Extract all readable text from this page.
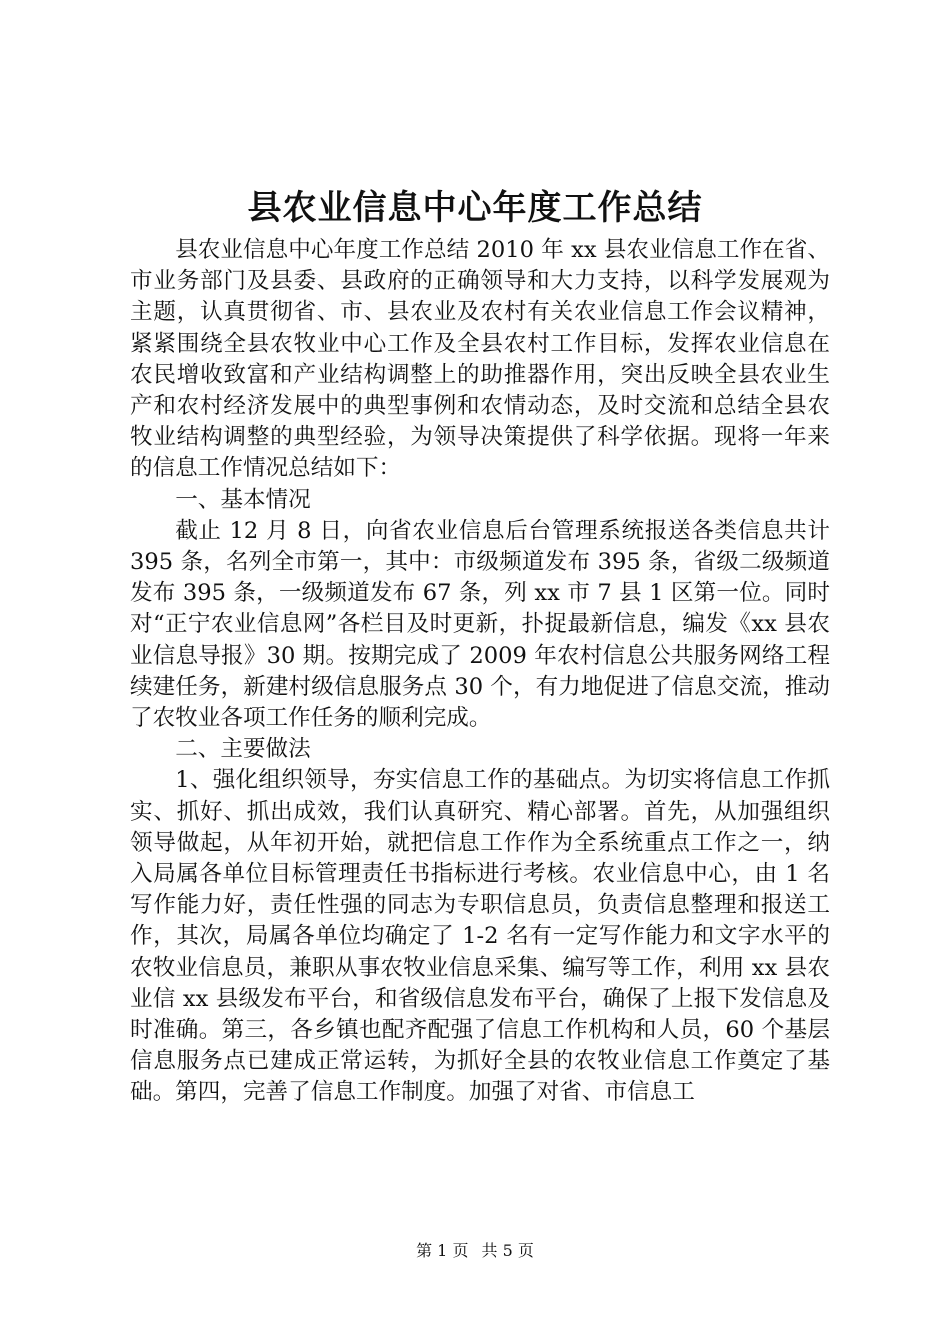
县农业信息中心年度工作总结

县农业信息中心年度工作总结 2010 年 xx 县农业信息工作在省、市业务部门及县委、县政府的正确领导和大力支持，以科学发展观为主题，认真贯彻省、市、县农业及农村有关农业信息工作会议精神，紧紧围绕全县农牧业中心工作及全县农村工作目标，发挥农业信息在农民增收致富和产业结构调整上的助推器作用，突出反映全县农业生产和农村经济发展中的典型事例和农情动态，及时交流和总结全县农牧业结构调整的典型经验，为领导决策提供了科学依据。现将一年来的信息工作情况总结如下：

一、基本情况

截止 12 月 8 日，向省农业信息后台管理系统报送各类信息共计 395 条，名列全市第一，其中：市级频道发布 395 条，省级二级频道发布 395 条，一级频道发布 67 条，列 xx 市 7 县 1 区第一位。同时对“正宁农业信息网”各栏目及时更新，扑捉最新信息，编发《xx 县农业信息导报》30 期。按期完成了 2009 年农村信息公共服务网络工程续建任务，新建村级信息服务点 30 个，有力地促进了信息交流，推动了农牧业各项工作任务的顺利完成。

二、主要做法

1、强化组织领导，夯实信息工作的基础点。为切实将信息工作抓实、抓好、抓出成效，我们认真研究、精心部署。首先，从加强组织领导做起，从年初开始，就把信息工作作为全系统重点工作之一，纳入局属各单位目标管理责任书指标进行考核。农业信息中心，由 1 名写作能力好，责任性强的同志为专职信息员，负责信息整理和报送工作，其次，局属各单位均确定了 1-2 名有一定写作能力和文字水平的农牧业信息员，兼职从事农牧业信息采集、编写等工作，利用 xx 县农业信 xx 县级发布平台，和省级信息发布平台，确保了上报下发信息及时准确。第三，各乡镇也配齐配强了信息工作机构和人员，60 个基层信息服务点已建成正常运转，为抓好全县的农牧业信息工作奠定了基础。第四，完善了信息工作制度。加强了对省、市信息工

第 1 页 共 5 页
